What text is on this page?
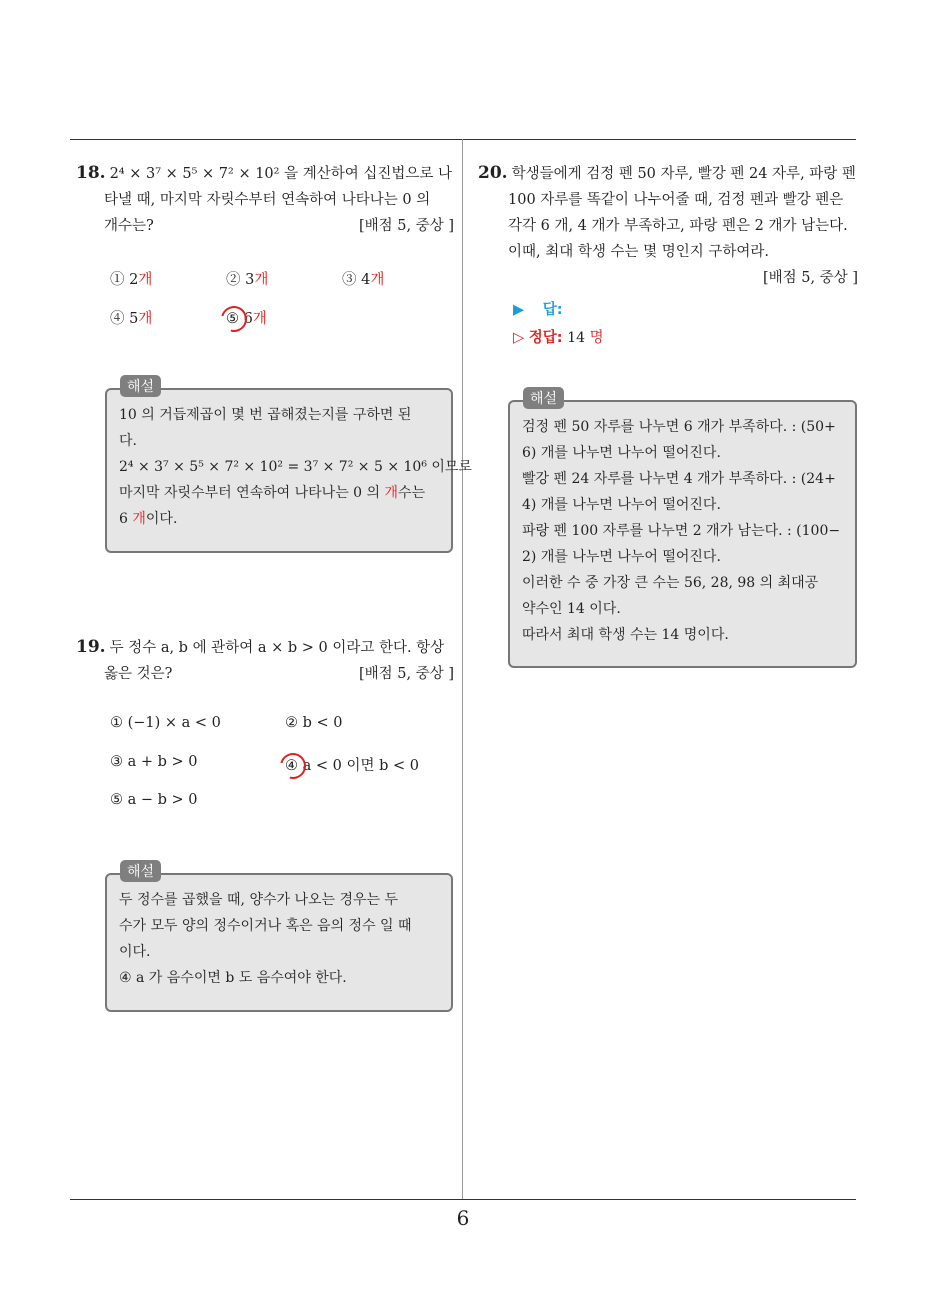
6
18. 2⁴ × 3⁷ × 5⁵ × 7² × 10² 을 계산하여 십진법으로 나
타낼 때, 마지막 자릿수부터 연속하여 나타나는 0 의
개수는?	[배점 5, 중상 ]
① 2개	② 3개	③ 4개
④ 5개	⑤ 6개
10 의 거듭제곱이 몇 번 곱해졌는지를 구하면 된
다.
2⁴ × 3⁷ × 5⁵ × 7² × 10² = 3⁷ × 7² × 5 × 10⁶ 이므로
마지막 자릿수부터 연속하여 나타나는 0 의 개수는
6 개이다.
해설
19. 두 정수 a, b 에 관하여 a × b > 0 이라고 한다. 항상
옳은 것은?	[배점 5, 중상 ]
① (−1) × a < 0	② b < 0
③ a + b > 0	④ a < 0 이면 b < 0
⑤ a − b > 0
두 정수를 곱했을 때, 양수가 나오는 경우는 두
수가 모두 양의 정수이거나 혹은 음의 정수 일 때
이다.
④ a 가 음수이면 b 도 음수여야 한다.
해설
20. 학생들에게 검정 펜 50 자루, 빨강 펜 24 자루, 파랑 펜
100 자루를 똑같이 나누어줄 때, 검정 펜과 빨강 펜은
각각 6 개, 4 개가 부족하고, 파랑 펜은 2 개가 남는다.
이때, 최대 학생 수는 몇 명인지 구하여라.
[배점 5, 중상 ]
▶ 답:
▷ 정답: 14 명
검정 펜 50 자루를 나누면 6 개가 부족하다. : (50+
6) 개를 나누면 나누어 떨어진다.
빨강 펜 24 자루를 나누면 4 개가 부족하다. : (24+
4) 개를 나누면 나누어 떨어진다.
파랑 펜 100 자루를 나누면 2 개가 남는다. : (100−
2) 개를 나누면 나누어 떨어진다.
이러한 수 중 가장 큰 수는 56, 28, 98 의 최대공
약수인 14 이다.
따라서 최대 학생 수는 14 명이다.
해설
